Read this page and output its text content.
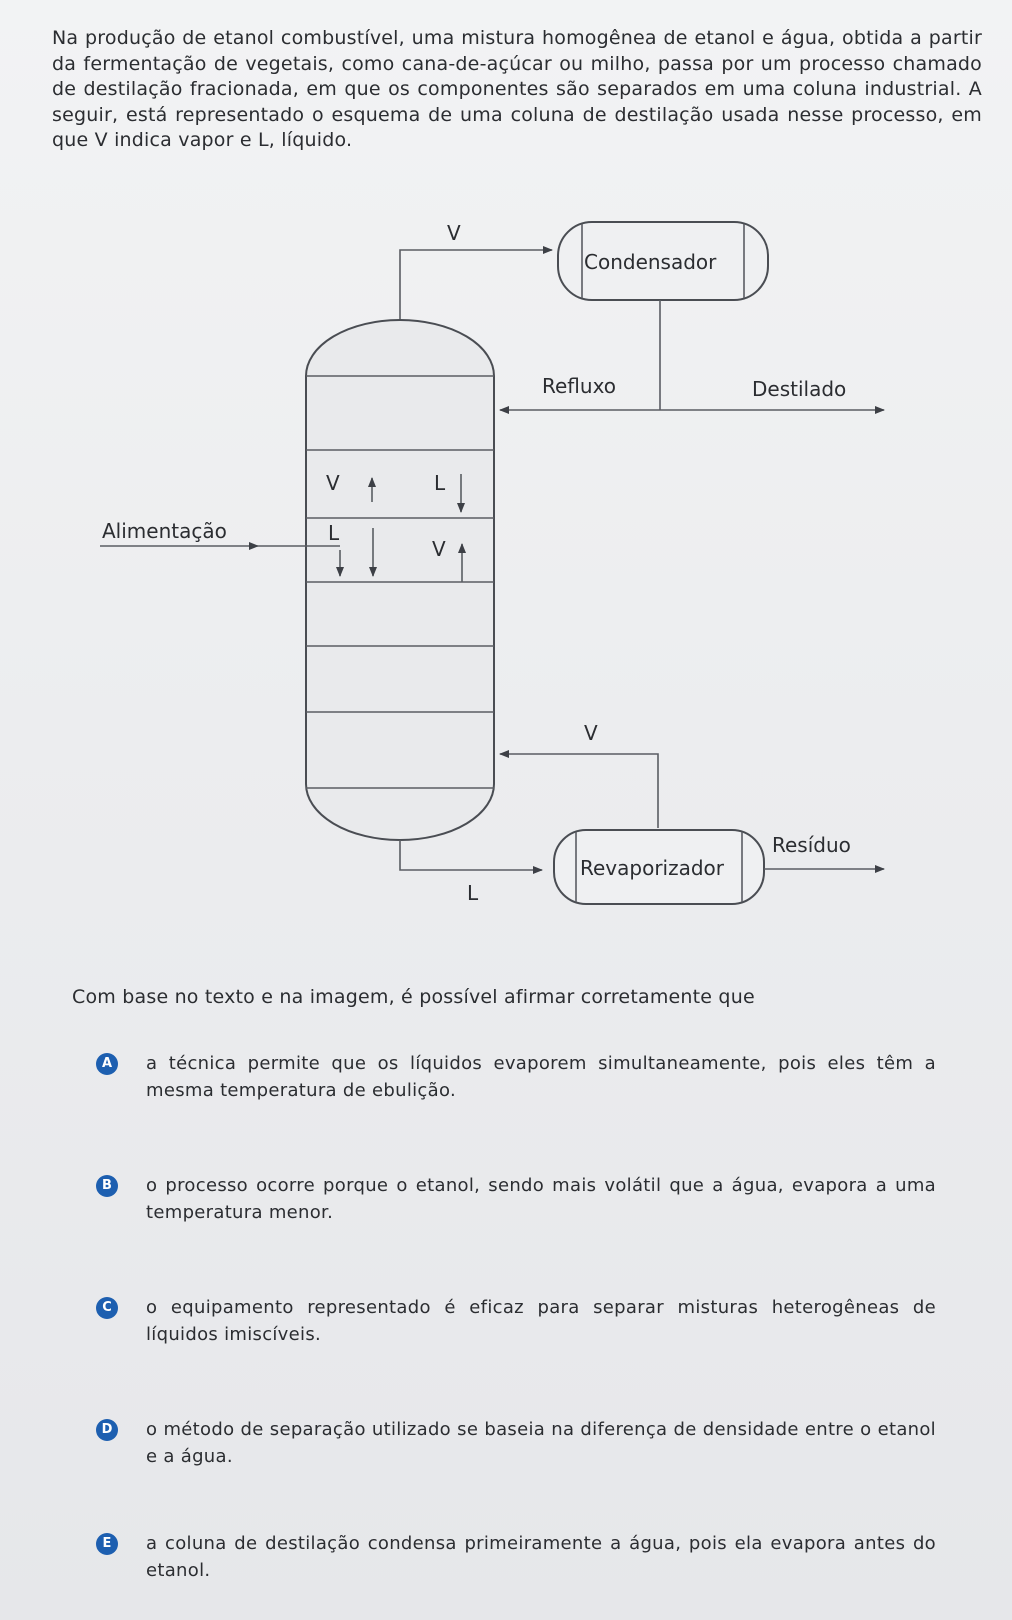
Na produção de etanol combustível, uma mistura homogênea de etanol e água, obtida a partir da fermentação de vegetais, como cana-de-açúcar ou milho, passa por um processo chamado de destilação fracionada, em que os componentes são separados em uma coluna industrial. A seguir, está representado o esquema de uma coluna de destilação usada nesse processo, em que V indica vapor e L, líquido.

V
Condensador
Refluxo	Destilado
V	L
Alimentação	L
V
V
L
Revaporizador
Resíduo

Com base no texto e na imagem, é possível afirmar corretamente que

A	a técnica permite que os líquidos evaporem simultaneamente, pois eles têm a mesma temperatura de ebulição.

B	o processo ocorre porque o etanol, sendo mais volátil que a água, evapora a uma temperatura menor.

C	o equipamento representado é eficaz para separar misturas heterogêneas de líquidos imiscíveis.

D	o método de separação utilizado se baseia na diferença de densidade entre o etanol e a água.

E	a coluna de destilação condensa primeiramente a água, pois ela evapora antes do etanol.
